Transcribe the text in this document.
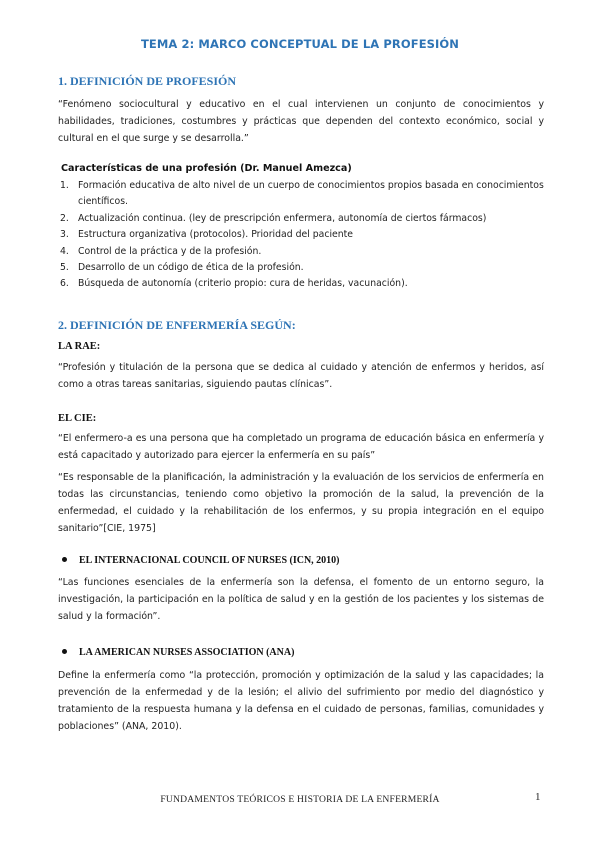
TEMA 2: MARCO CONCEPTUAL DE LA PROFESIÓN
1. DEFINICIÓN DE PROFESIÓN
“Fenómeno sociocultural y educativo en el cual intervienen un conjunto de conocimientos y habilidades, tradiciones, costumbres y prácticas que dependen del contexto económico, social y cultural en el que surge y se desarrolla.”
Características de una profesión (Dr. Manuel Amezca)
1. Formación educativa de alto nivel de un cuerpo de conocimientos propios basada en conocimientos científicos.
2. Actualización continua. (ley de prescripción enfermera, autonomía de ciertos fármacos)
3. Estructura organizativa (protocolos). Prioridad del paciente
4. Control de la práctica y de la profesión.
5. Desarrollo de un código de ética de la profesión.
6. Búsqueda de autonomía (criterio propio: cura de heridas, vacunación).
2. DEFINICIÓN DE ENFERMERÍA SEGÚN:
LA RAE:
“Profesión y titulación de la persona que se dedica al cuidado y atención de enfermos y heridos, así como a otras tareas sanitarias, siguiendo pautas clínicas”.
EL CIE:
“El enfermero-a es una persona que ha completado un programa de educación básica en enfermería y está capacitado y autorizado para ejercer la enfermería en su país”
“Es responsable de la planificación, la administración y la evaluación de los servicios de enfermería en todas las circunstancias, teniendo como objetivo la promoción de la salud, la prevención de la enfermedad, el cuidado y la rehabilitación de los enfermos, y su propia integración en el equipo sanitario”[CIE, 1975]
EL INTERNACIONAL COUNCIL OF NURSES (ICN, 2010)
“Las funciones esenciales de la enfermería son la defensa, el fomento de un entorno seguro, la investigación, la participación en la política de salud y en la gestión de los pacientes y los sistemas de salud y la formación”.
LA AMERICAN NURSES ASSOCIATION (ANA)
Define la enfermería como “la protección, promoción y optimización de la salud y las capacidades; la prevención de la enfermedad y de la lesión; el alivio del sufrimiento por medio del diagnóstico y tratamiento de la respuesta humana y la defensa en el cuidado de personas, familias, comunidades y poblaciones” (ANA, 2010).
FUNDAMENTOS TEÓRICOS E HISTORIA DE LA ENFERMERÍA	1
